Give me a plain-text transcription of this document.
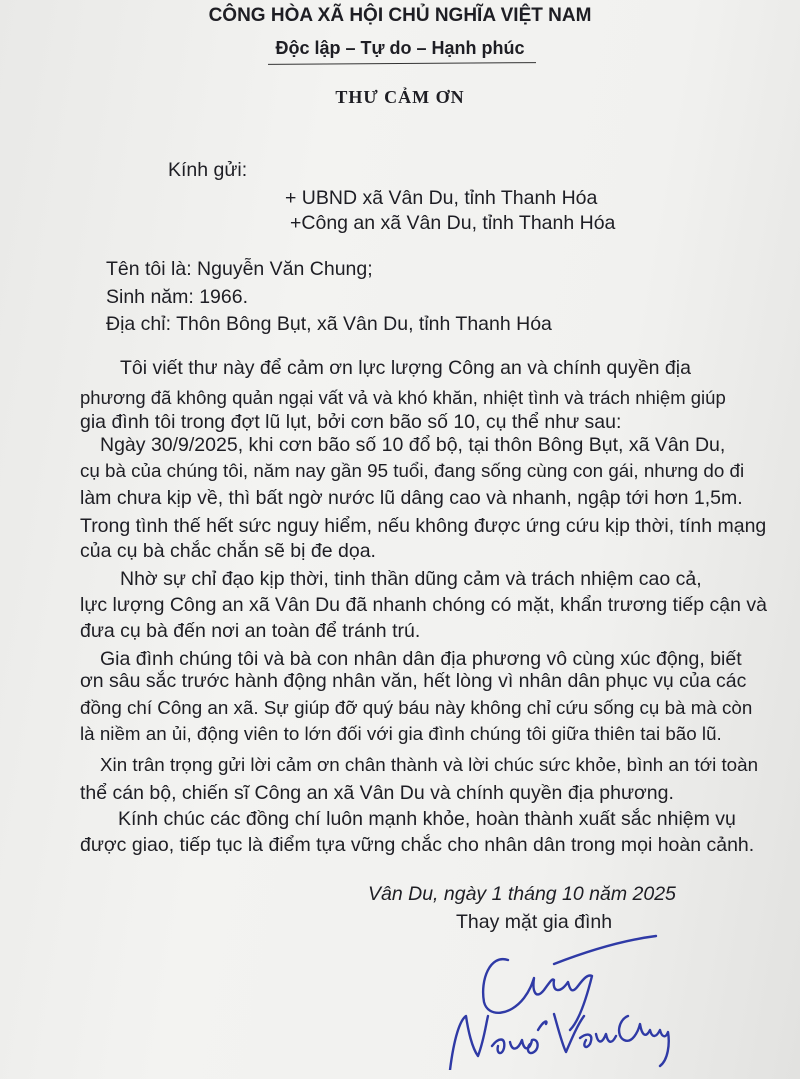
CÔNG HÒA XÃ HỘI CHỦ NGHĨA VIỆT NAM
Độc lập – Tự do – Hạnh phúc
THƯ CẢM ƠN
Kính gửi:
+ UBND xã Vân Du, tỉnh Thanh Hóa
+Công an xã Vân Du, tỉnh Thanh Hóa
Tên tôi là: Nguyễn Văn Chung;
Sinh năm: 1966.
Địa chỉ: Thôn Bông Bụt, xã Vân Du, tỉnh Thanh Hóa
Tôi viết thư này để cảm ơn lực lượng Công an và chính quyền địa
phương đã không quản ngại vất vả và khó khăn, nhiệt tình và trách nhiệm giúp
gia đình tôi trong đợt lũ lụt, bởi cơn bão số 10, cụ thể như sau:
Ngày 30/9/2025, khi cơn bão số 10 đổ bộ, tại thôn Bông Bụt, xã Vân Du,
cụ bà của chúng tôi, năm nay gần 95 tuổi, đang sống cùng con gái, nhưng do đi
làm chưa kịp về, thì bất ngờ nước lũ dâng cao và nhanh, ngập tới hơn 1,5m.
Trong tình thế hết sức nguy hiểm, nếu không được ứng cứu kịp thời, tính mạng
của cụ bà chắc chắn sẽ bị đe dọa.
Nhờ sự chỉ đạo kịp thời, tinh thần dũng cảm và trách nhiệm cao cả,
lực lượng Công an xã Vân Du đã nhanh chóng có mặt, khẩn trương tiếp cận và
đưa cụ bà đến nơi an toàn để tránh trú.
Gia đình chúng tôi và bà con nhân dân địa phương vô cùng xúc động, biết
ơn sâu sắc trước hành động nhân văn, hết lòng vì nhân dân phục vụ của các
đồng chí Công an xã. Sự giúp đỡ quý báu này không chỉ cứu sống cụ bà mà còn
là niềm an ủi, động viên to lớn đối với gia đình chúng tôi giữa thiên tai bão lũ.
Xin trân trọng gửi lời cảm ơn chân thành và lời chúc sức khỏe, bình an tới toàn
thể cán bộ, chiến sĩ Công an xã Vân Du và chính quyền địa phương.
Kính chúc các đồng chí luôn mạnh khỏe, hoàn thành xuất sắc nhiệm vụ
được giao, tiếp tục là điểm tựa vững chắc cho nhân dân trong mọi hoàn cảnh.
Vân Du, ngày 1 tháng 10 năm 2025
Thay mặt gia đình
